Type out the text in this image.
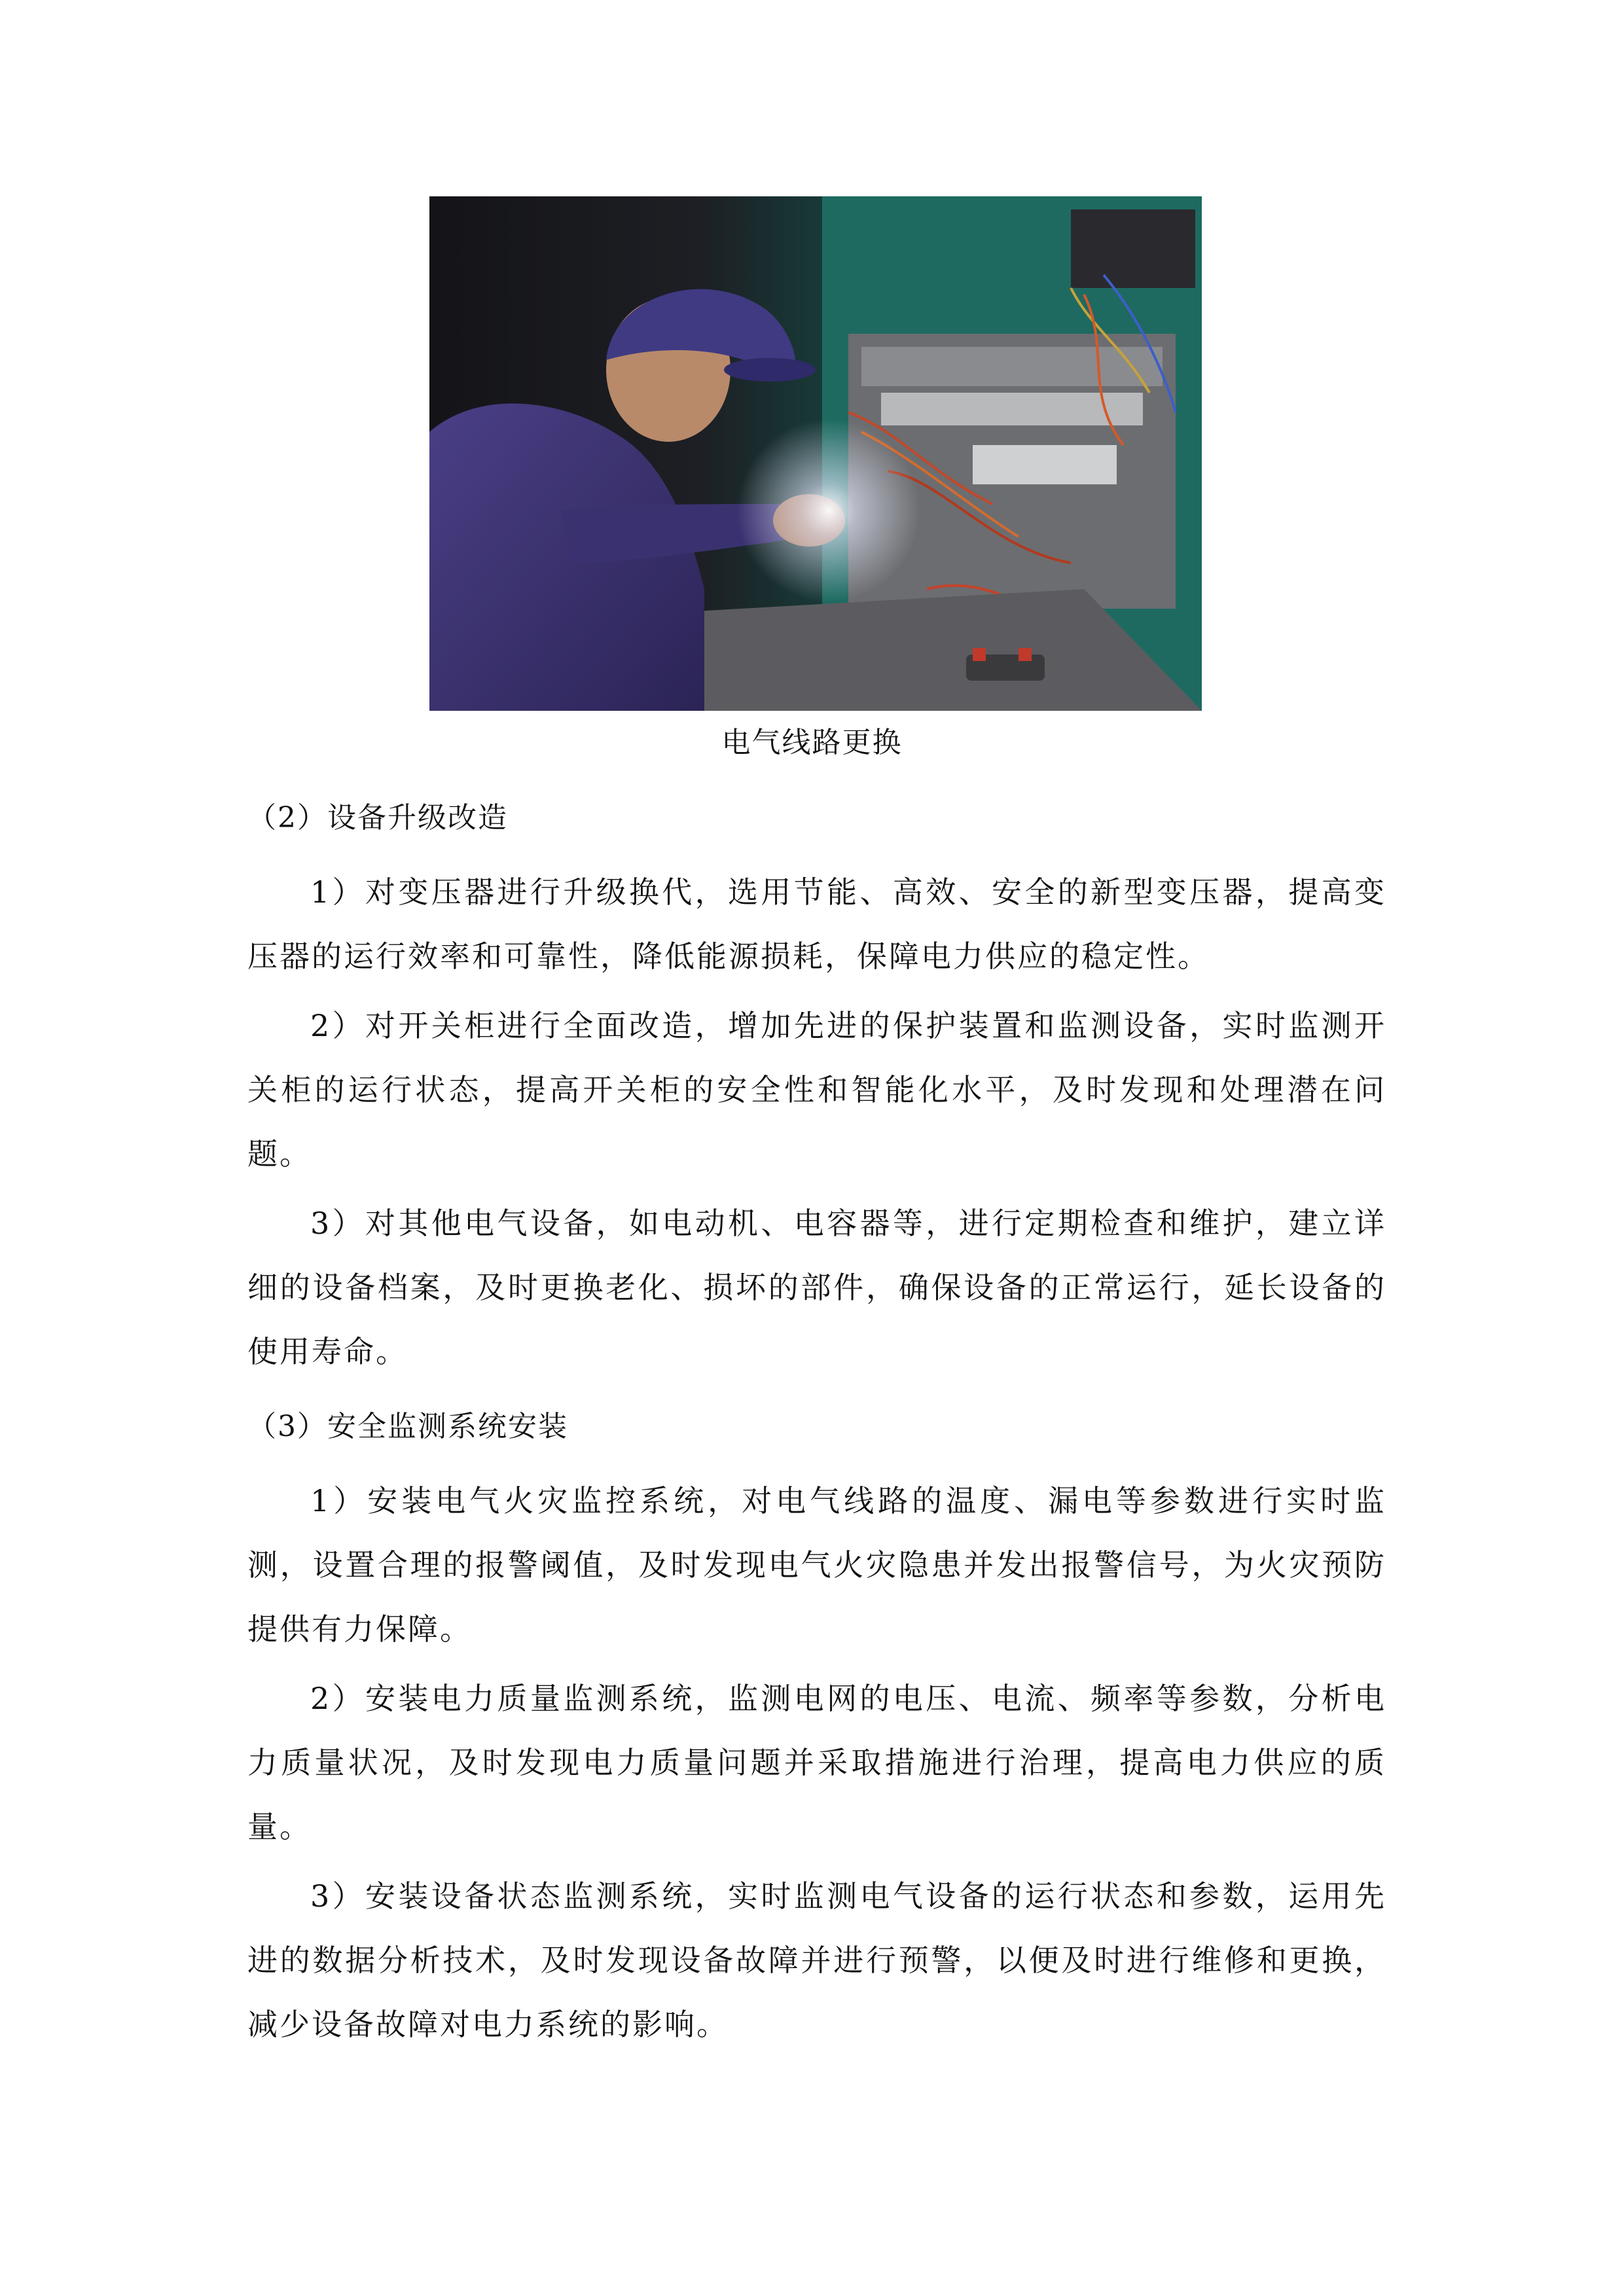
电气线路更换
（2）设备升级改造

1）对变压器进行升级换代，选用节能、高效、安全的新型变压器，提高变压器的运行效率和可靠性，降低能源损耗，保障电力供应的稳定性。

2）对开关柜进行全面改造，增加先进的保护装置和监测设备，实时监测开关柜的运行状态，提高开关柜的安全性和智能化水平，及时发现和处理潜在问题。

3）对其他电气设备，如电动机、电容器等，进行定期检查和维护，建立详细的设备档案，及时更换老化、损坏的部件，确保设备的正常运行，延长设备的使用寿命。

（3）安全监测系统安装

1）安装电气火灾监控系统，对电气线路的温度、漏电等参数进行实时监测，设置合理的报警阈值，及时发现电气火灾隐患并发出报警信号，为火灾预防提供有力保障。

2）安装电力质量监测系统，监测电网的电压、电流、频率等参数，分析电力质量状况，及时发现电力质量问题并采取措施进行治理，提高电力供应的质量。

3）安装设备状态监测系统，实时监测电气设备的运行状态和参数，运用先进的数据分析技术，及时发现设备故障并进行预警，以便及时进行维修和更换，减少设备故障对电力系统的影响。
